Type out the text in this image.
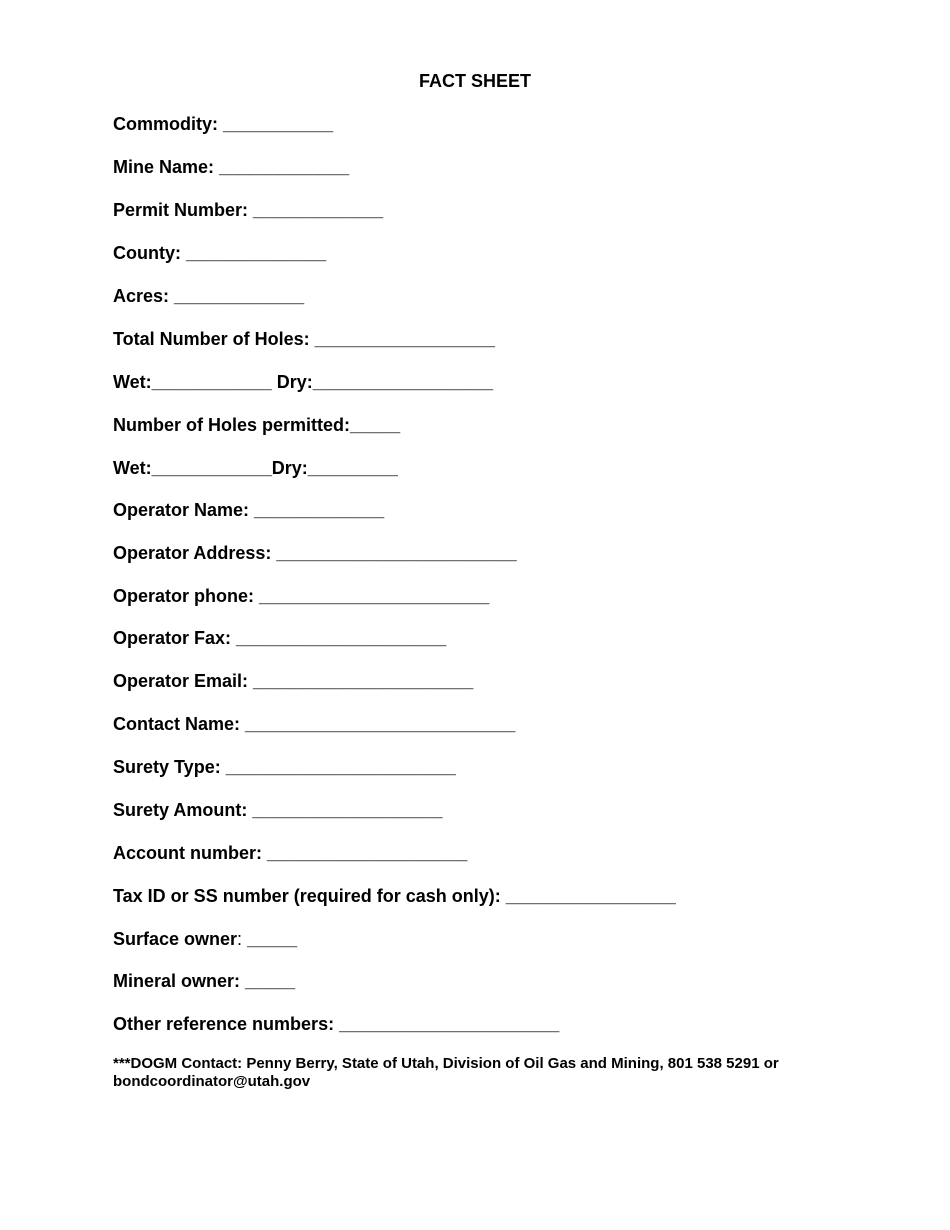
FACT SHEET
Commodity: ___________
Mine Name: _____________
Permit Number: _____________
County: ______________
Acres: _____________
Total Number of Holes: __________________
Wet:____________ Dry:__________________
Number of Holes permitted:_____
Wet:____________Dry:_________
Operator Name: _____________
Operator Address: ________________________
Operator phone: _______________________
Operator Fax: _____________________
Operator Email: ______________________
Contact Name: ___________________________
Surety Type: _______________________
Surety Amount: ___________________
Account number: ____________________
Tax ID or SS number (required for cash only): _________________
Surface owner: _____
Mineral owner: _____
Other reference numbers: ______________________
***DOGM Contact: Penny Berry, State of Utah, Division of Oil Gas and Mining, 801 538 5291 or
bondcoordinator@utah.gov
